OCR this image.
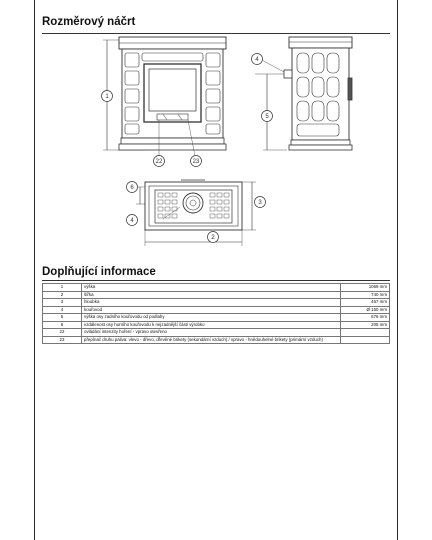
Rozměrový náčrt
1
22	23
4
5
6
4
2
3
Doplňující informace
1	výška	1069 mm
2	šířka	740 mm
3	hloubka	467 mm
4	kouřovod	Ø 150 mm
5	výška osy zadního kouřovodu od podlahy	676 mm
6	vzdálenost osy horního kouřovodu k nejzadnější části výrobku	205 mm
22	ovládání intenzity hoření - vpravo otevřeno	
23	přepínač druhu paliva: vlevo - dřevo, dřevěné brikety (sekundární vzduch) / vpravo - hnědouhelné brikety (primární vzduch)	
